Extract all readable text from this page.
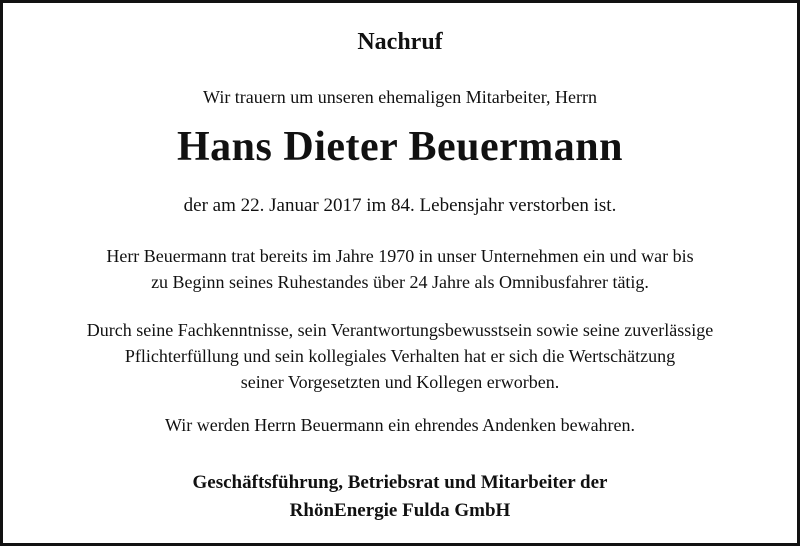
Nachruf
Wir trauern um unseren ehemaligen Mitarbeiter, Herrn
Hans Dieter Beuermann
der am 22. Januar 2017 im 84. Lebensjahr verstorben ist.
Herr Beuermann trat bereits im Jahre 1970 in unser Unternehmen ein und war bis
zu Beginn seines Ruhestandes über 24 Jahre als Omnibusfahrer tätig.
Durch seine Fachkenntnisse, sein Verantwortungsbewusstsein sowie seine zuverlässige
Pflichterfüllung und sein kollegiales Verhalten hat er sich die Wertschätzung
seiner Vorgesetzten und Kollegen erworben.
Wir werden Herrn Beuermann ein ehrendes Andenken bewahren.
Geschäftsführung, Betriebsrat und Mitarbeiter der
RhönEnergie Fulda GmbH
